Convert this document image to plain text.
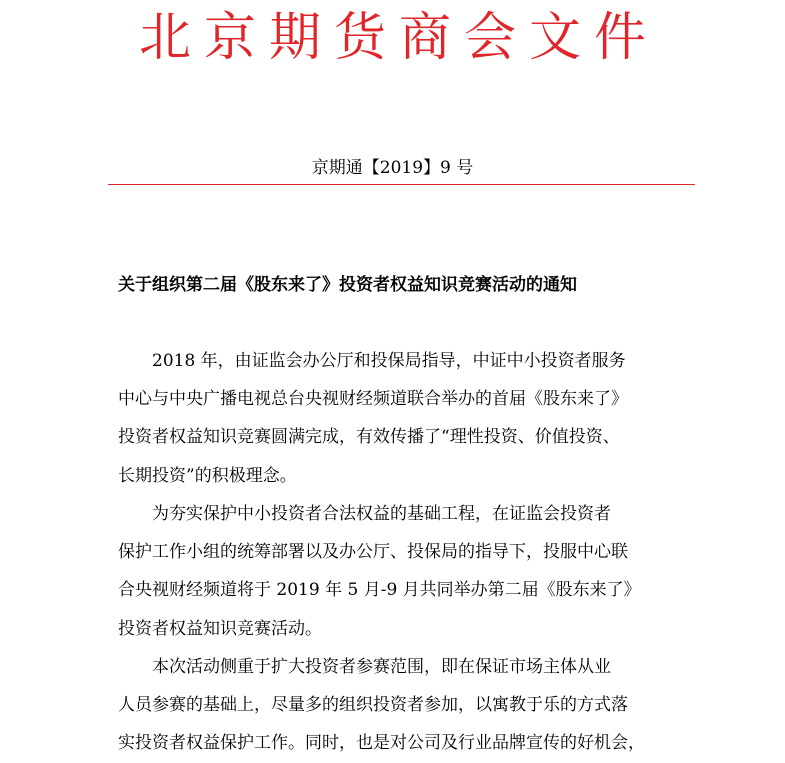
北京期货商会文件
京期通【2019】9 号
关于组织第二届《股东来了》投资者权益知识竞赛活动的通知
　　2018 年，由证监会办公厅和投保局指导，中证中小投资者服务
中心与中央广播电视总台央视财经频道联合举办的首届《股东来了》
投资者权益知识竞赛圆满完成，有效传播了“理性投资、价值投资、
长期投资”的积极理念。
　　为夯实保护中小投资者合法权益的基础工程，在证监会投资者
保护工作小组的统筹部署以及办公厅、投保局的指导下，投服中心联
合央视财经频道将于 2019 年 5 月-9 月共同举办第二届《股东来了》
投资者权益知识竞赛活动。
　　本次活动侧重于扩大投资者参赛范围，即在保证市场主体从业
人员参赛的基础上，尽量多的组织投资者参加，以寓教于乐的方式落
实投资者权益保护工作。同时，也是对公司及行业品牌宣传的好机会，
